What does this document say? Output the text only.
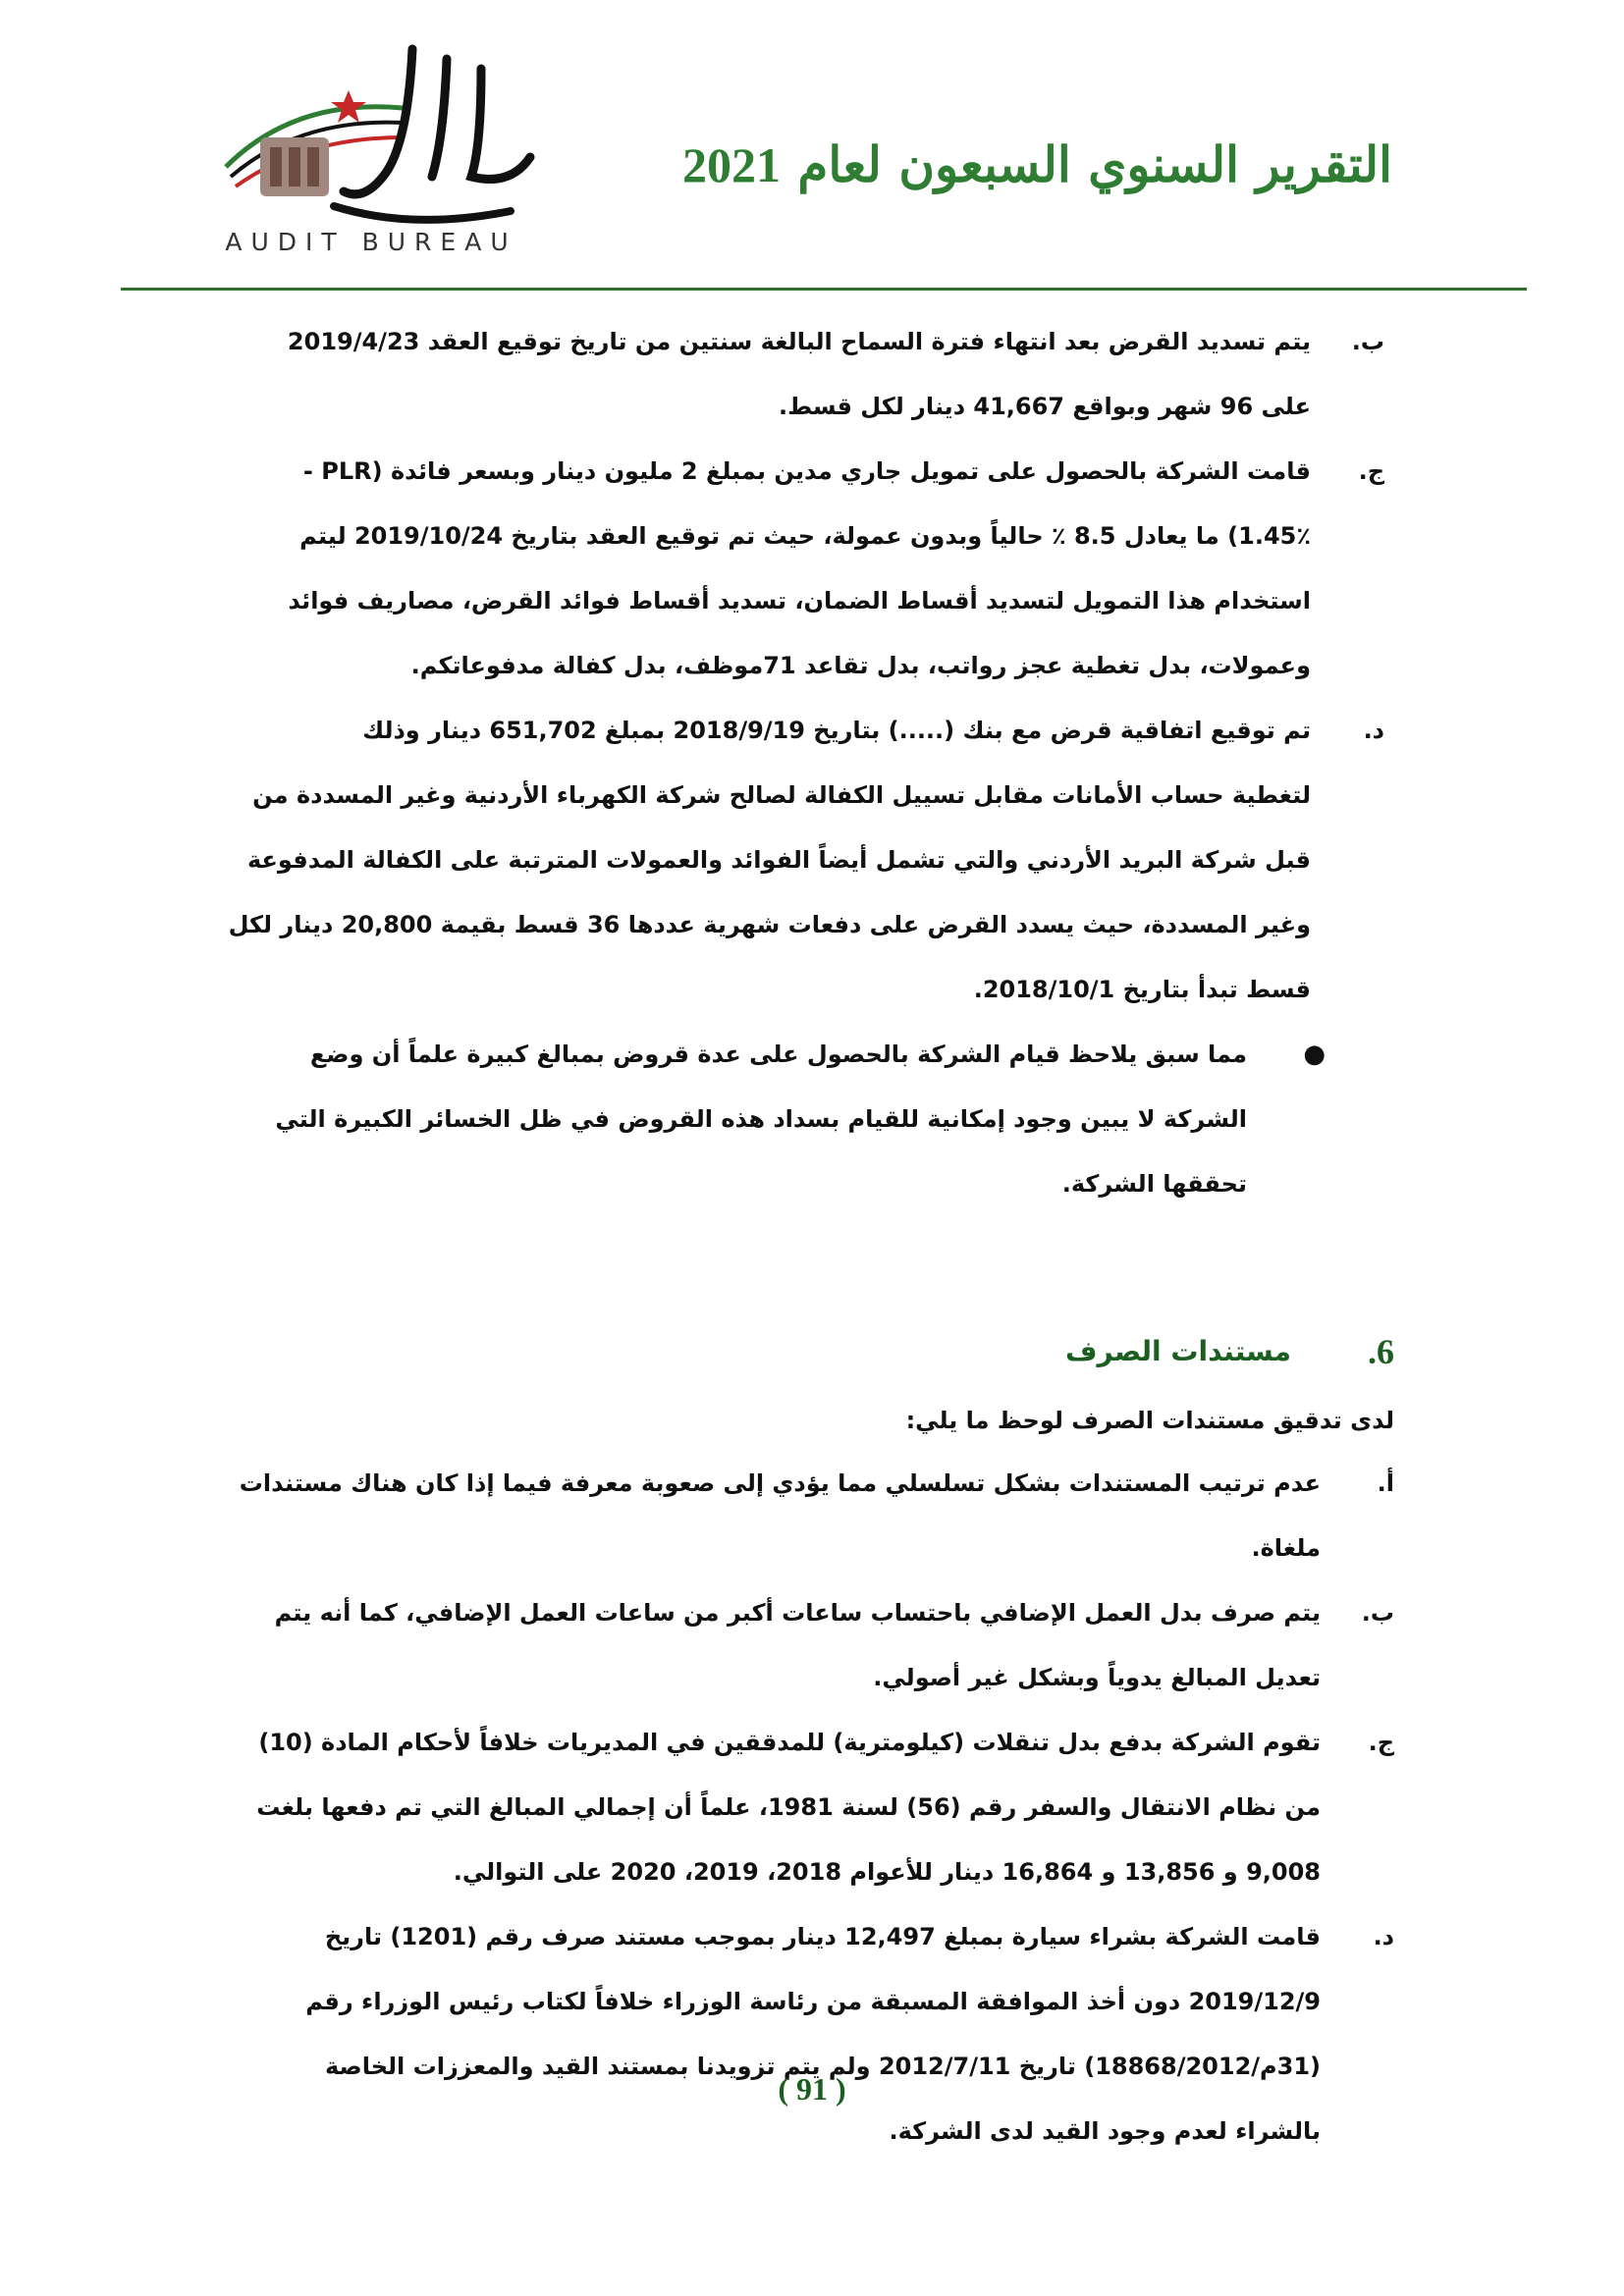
ديوان المحاسبة
AUDIT BUREAU
التقرير السنوي السبعون لعام 2021
ب.
يتم تسديد القرض بعد انتهاء فترة السماح البالغة سنتين من تاريخ توقيع العقد 2019/4/23
على 96 شهر وبواقع 41,667 دينار لكل قسط.
ج.
قامت الشركة بالحصول على تمويل جاري مدين بمبلغ 2 مليون دينار وبسعر فائدة (PLR -
1.45٪) ما يعادل 8.5 ٪ حالياً وبدون عمولة، حيث تم توقيع العقد بتاريخ 2019/10/24 ليتم
استخدام هذا التمويل لتسديد أقساط الضمان، تسديد أقساط فوائد القرض، مصاريف فوائد
وعمولات، بدل تغطية عجز رواتب، بدل تقاعد 71موظف، بدل كفالة مدفوعاتكم.
د.
تم توقيع اتفاقية قرض مع بنك (.....) بتاريخ 2018/9/19 بمبلغ 651,702 دينار وذلك
لتغطية حساب الأمانات مقابل تسييل الكفالة لصالح شركة الكهرباء الأردنية وغير المسددة من
قبل شركة البريد الأردني والتي تشمل أيضاً الفوائد والعمولات المترتبة على الكفالة المدفوعة
وغير المسددة، حيث يسدد القرض على دفعات شهرية عددها 36 قسط بقيمة 20,800 دينار لكل
قسط تبدأ بتاريخ 2018/10/1.
●
مما سبق يلاحظ قيام الشركة بالحصول على عدة قروض بمبالغ كبيرة علماً أن وضع
الشركة لا يبين وجود إمكانية للقيام بسداد هذه القروض في ظل الخسائر الكبيرة التي
تحققها الشركة.
6.
مستندات الصرف
لدى تدقيق مستندات الصرف لوحظ ما يلي:
أ.
عدم ترتيب المستندات بشكل تسلسلي مما يؤدي إلى صعوبة معرفة فيما إذا كان هناك مستندات
ملغاة.
ب.
يتم صرف بدل العمل الإضافي باحتساب ساعات أكبر من ساعات العمل الإضافي، كما أنه يتم
تعديل المبالغ يدوياً وبشكل غير أصولي.
ج.
تقوم الشركة بدفع بدل تنقلات (كيلومترية) للمدققين في المديريات خلافاً لأحكام المادة (10)
من نظام الانتقال والسفر رقم (56) لسنة 1981، علماً أن إجمالي المبالغ التي تم دفعها بلغت
9,008 و 13,856 و 16,864 دينار للأعوام 2018، 2019، 2020 على التوالي.
د.
قامت الشركة بشراء سيارة بمبلغ 12,497 دينار بموجب مستند صرف رقم (1201) تاريخ
2019/12/9 دون أخذ الموافقة المسبقة من رئاسة الوزراء خلافاً لكتاب رئيس الوزراء رقم
(31م/18868/2012) تاريخ 2012/7/11 ولم يتم تزويدنا بمستند القيد والمعززات الخاصة
بالشراء لعدم وجود القيد لدى الشركة.
( 91 )
